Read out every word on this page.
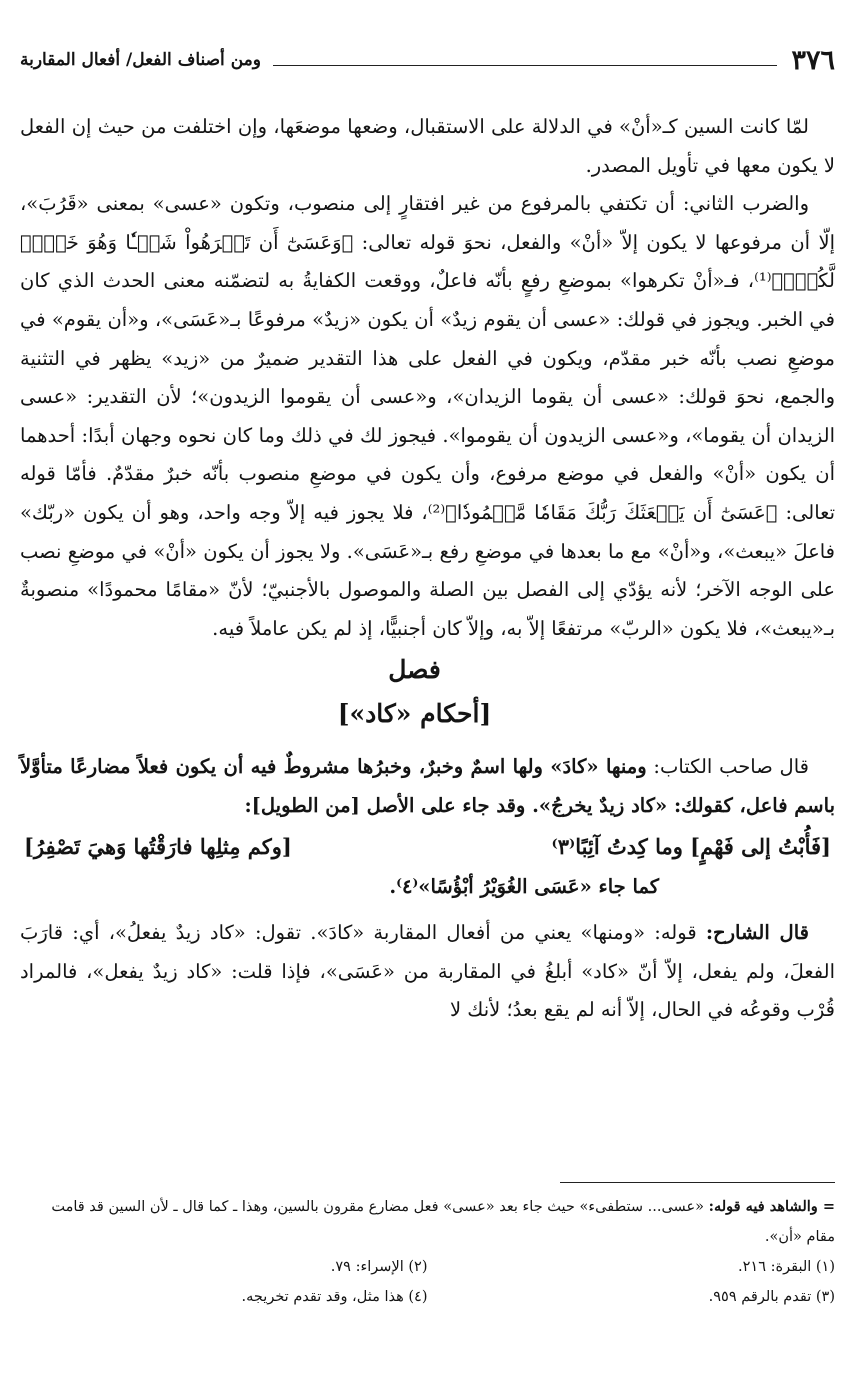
٣٧٦
ومن أصناف الفعل/ أفعال المقاربة

لمّا كانت السين كـ«أنْ» في الدلالة على الاستقبال، وضعها موضعَها، وإن اختلفت من حيث إن الفعل لا يكون معها في تأويل المصدر.

والضرب الثاني: أن تكتفي بالمرفوع من غير افتقارٍ إلى منصوب، وتكون «عسى» بمعنى «قَرُبَ»، إلّا أن مرفوعها لا يكون إلاّ «أنْ» والفعل، نحوَ قوله تعالى: ﴿وَعَسَىٰٓ أَن تَكۡرَهُواْ شَيۡـٔٗا وَهُوَ خَيۡرٞ لَّكُمۡۖ﴾⁽¹⁾، فـ«أنْ تكرهوا» بموضعِ رفعٍ بأنّه فاعلٌ، ووقعت الكفايةُ به لتضمّنه معنى الحدث الذي كان في الخبر. ويجوز في قولك: «عسى أن يقوم زيدٌ» أن يكون «زيدٌ» مرفوعًا بـ«عَسَى»، و«أن يقوم» في موضعِ نصب بأنّه خبر مقدّم، ويكون في الفعل على هذا التقدير ضميرٌ من «زيد» يظهر في التثنية والجمع، نحوَ قولك: «عسى أن يقوما الزيدان»، و«عسى أن يقوموا الزيدون»؛ لأن التقدير: «عسى الزيدان أن يقوما»، و«عسى الزيدون أن يقوموا». فيجوز لك في ذلك وما كان نحوه وجهان أبدًا: أحدهما أن يكون «أنْ» والفعل في موضع مرفوع، وأن يكون في موضعِ منصوب بأنّه خبرٌ مقدّمٌ. فأمّا قوله تعالى: ﴿عَسَىٰٓ أَن يَبۡعَثَكَ رَبُّكَ مَقَامٗا مَّحۡمُودٗا﴾⁽²⁾، فلا يجوز فيه إلاّ وجه واحد، وهو أن يكون «ربّك» فاعلَ «يبعث»، و«أنْ» مع ما بعدها في موضعِ رفع بـ«عَسَى». ولا يجوز أن يكون «أنْ» في موضعِ نصب على الوجه الآخر؛ لأنه يؤدّي إلى الفصل بين الصلة والموصول بالأجنبيّ؛ لأنّ «مقامًا محمودًا» منصوبةٌ بـ«يبعث»، فلا يكون «الربّ» مرتفعًا إلاّ به، وإلاّ كان أجنبيًّا، إذ لم يكن عاملاً فيه.

فصل

[أحكام «كاد»]

قال صاحب الكتاب: ومنها «كادَ» ولها اسمٌ وخبرٌ، وخبرُها مشروطٌ فيه أن يكون فعلاً مضارعًا متأوَّلاً باسم فاعل، كقولك: «كاد زيدٌ يخرجُ». وقد جاء على الأصل [من الطويل]:

[فَأُبْتُ إلى فَهْمٍ] وما كِدتُ آئِبًا⁽٣⁾
[وكم مِثلِها فارَقْتُها وَهيَ تَصْفِرُ]

كما جاء «عَسَى الغُوَيْرُ أبْؤُسًا»⁽٤⁾.

قال الشارح: قوله: «ومنها» يعني من أفعال المقاربة «كادَ». تقول: «كاد زيدٌ يفعلُ»، أي: قارَبَ الفعلَ، ولم يفعل، إلاّ أنّ «كاد» أبلغُ في المقاربة من «عَسَى»، فإذا قلت: «كاد زيدٌ يفعل»، فالمراد قُرْب وقوعُه في الحال، إلاّ أنه لم يقع بعدُ؛ لأنك لا

= والشاهد فيه قوله: «عسى... ستطفىء» حيث جاء بعد «عسى» فعل مضارع مقرون بالسين، وهذا ـ كما قال ـ لأن السين قد قامت مقام «أن».

(١) البقرة: ٢١٦.
(٢) الإسراء: ٧٩.
(٣) تقدم بالرقم ٩٥٩.
(٤) هذا مثل، وقد تقدم تخريجه.
